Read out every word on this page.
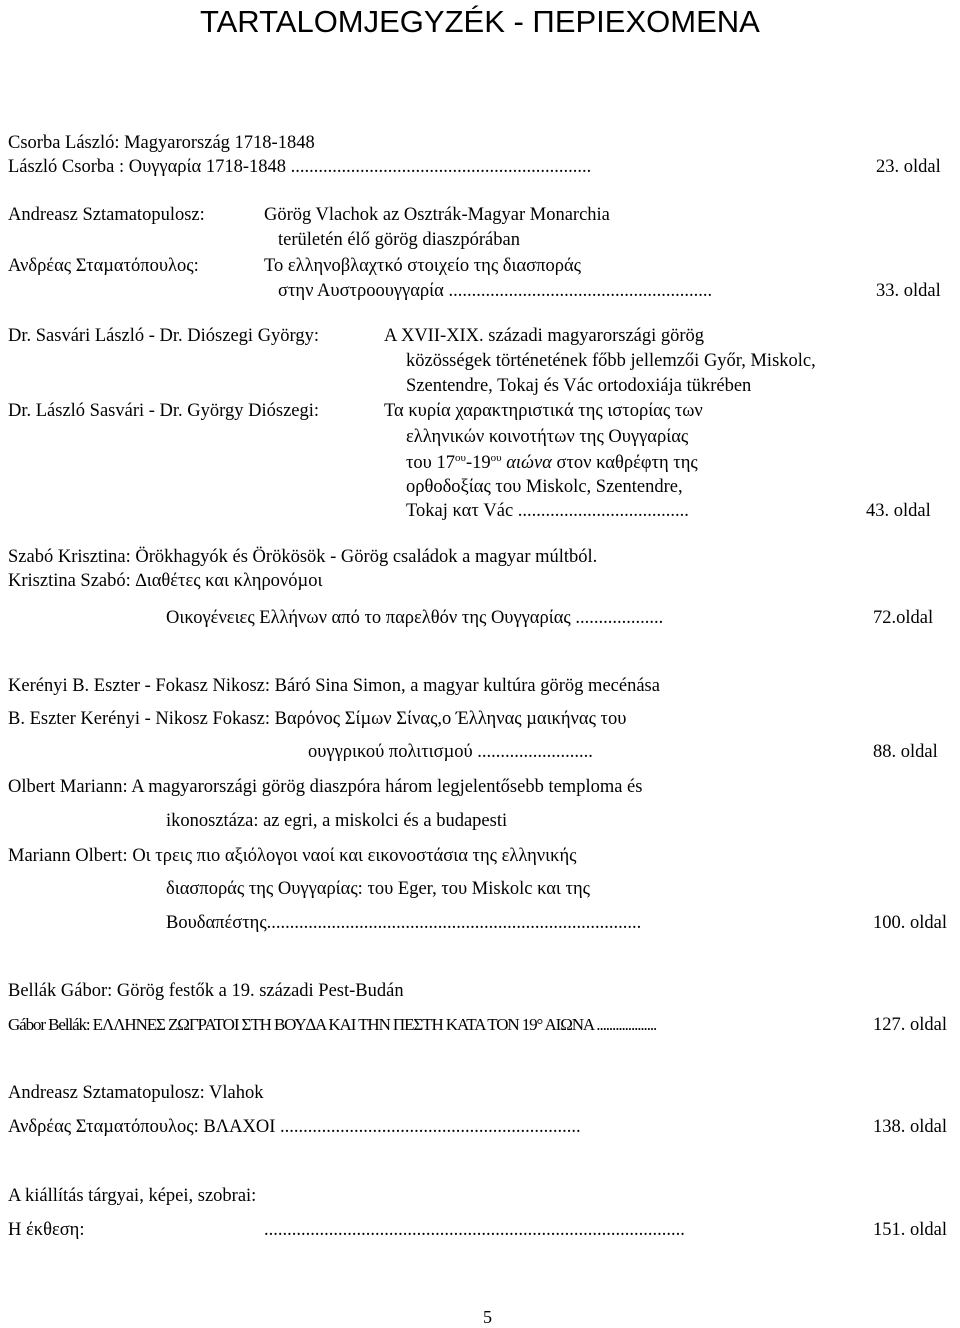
TARTALOMJEGYZÉK - ΠΕΡΙΕΧΟΜΕΝΑ
Csorba László: Magyarország 1718-1848
László Csorba : Ουγγαρία 1718-1848 .................................................................	23. oldal
Andreasz Sztamatopulosz:	Görög Vlachok az Osztrák-Magyar Monarchia
területén élő görög diaszpórában
Ανδρέας Σταµατόπουλος:	Το ελληνοβλαχτκό στοιχείο της διασποράς
στην Αυστροουγγαρία .........................................................	33. oldal
Dr. Sasvári László - Dr. Diószegi György:	A XVII-XIX. századi magyarországi görög
közösségek történetének főbb jellemzői Győr, Miskolc,
Szentendre, Tokaj és Vác ortodoxiája tükrében
Dr. László Sasvári - Dr. György Diószegi:	Τα κυρία χαρακτηριστικά της ιστορίας των
ελληνικών κοινοτήτων της Ουγγαρίας
του $17^{o\upsilon}-19^{o\upsilon}$ αιώνα στον καθρέφτη της
ορθοδοξίας του Miskolc, Szentendre,
Tokaj κατ Vác .....................................	43. oldal
Szabó Krisztina: Örökhagyók és Örökösök - Görög családok a magyar múltból.
Krisztina Szabó: ∆ιαθέτες και κληρονόµοι
Οικογένειες Ελλήνων από το παρελθόν της Ουγγαρίας ...................	72.oldal
Kerényi B. Eszter - Fokasz Nikosz: Báró Sina Simon, a magyar kultúra görög mecénása
B. Eszter Kerényi - Nikosz Fokasz: Βαρόνος Σίµων Σίνας,ο Έλληνας µαικήνας του
ουγγρικού πολιτισµού .........................	88. oldal
Olbert Mariann: A magyarországi görög diaszpóra három legjelentősebb temploma és
ikonosztáza: az egri, a miskolci és a budapesti
Mariann Olbert: Οι τρεις πιο αξιόλογοι ναοί και εικονοστάσια της ελληνικής
διασποράς της Ουγγαρίας: του Eger, του Miskolc και της
Βουδαπέστης.................................................................................	100. oldal
Bellák Gábor: Görög festők a 19. századi Pest-Budán
Gábor Bellák: ΕΛΛΗΝΕΣ ΖΩΓΡΑΤΟΙ ΣΤΗ ΒΟΥ∆Α ΚΑΙ ΤΗΝ ΠΕΣΤΗ ΚΑΤΑ ΤΟΝ 19° ΑΙΩΝΑ ...................	127. oldal
Andreasz Sztamatopulosz: Vlahok
Ανδρέας Σταµατόπουλος: ΒΛΑΧΟΙ .................................................................	138. oldal
A kiállítás tárgyai, képei, szobrai:
Η έκθεση:	...........................................................................................	151. oldal
5
